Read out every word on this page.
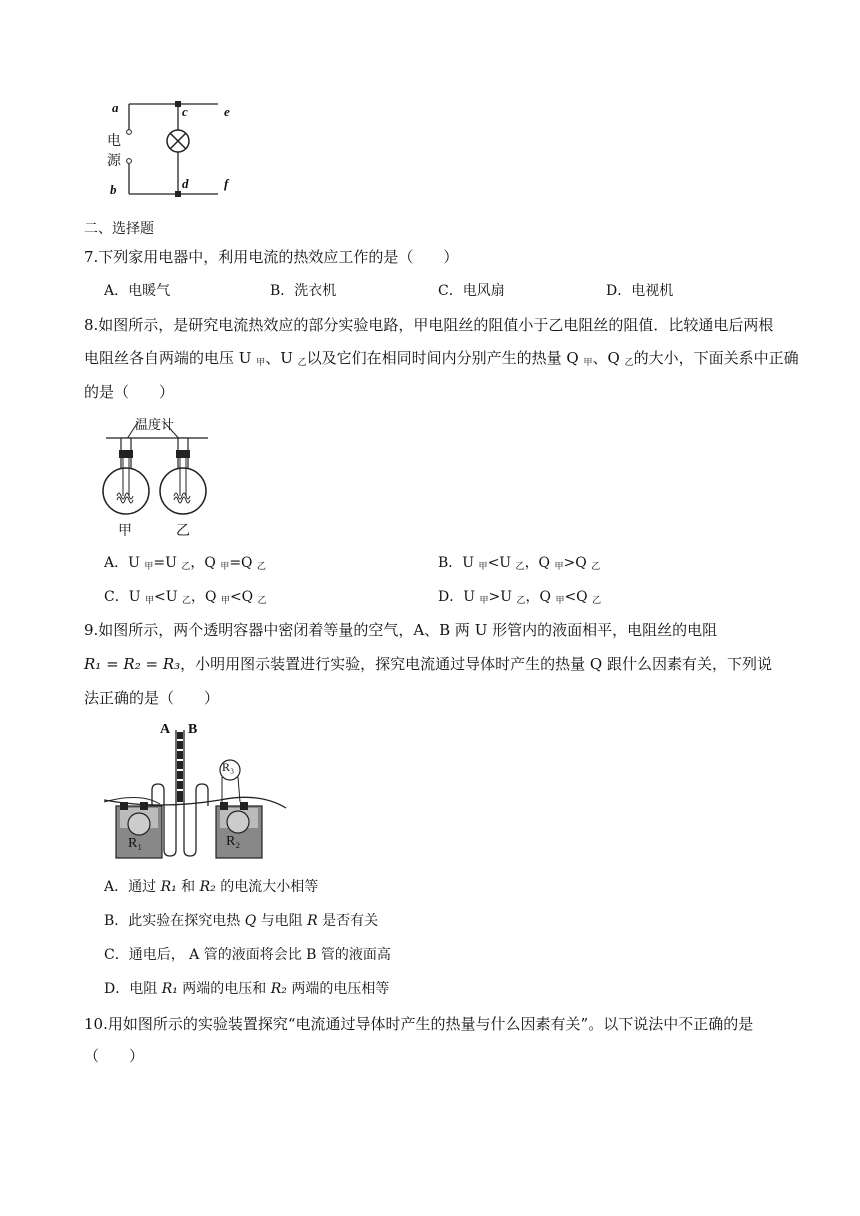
a	c	e
电
源
b	d	f
二、选择题
7.下列家用电器中，利用电流的热效应工作的是（　　）
A．电暖气	B．洗衣机	C．电风扇	D．电视机
8.如图所示，是研究电流热效应的部分实验电路，甲电阻丝的阻值小于乙电阻丝的阻值．比较通电后两根
电阻丝各自两端的电压 U $_甲$、U $_乙$以及它们在相同时间内分别产生的热量 Q $_甲$、Q $_乙$的大小，下面关系中正确
的是（　　）
温度计
甲	乙
A．U $_甲$=U $_乙$，Q $_甲$=Q $_乙$	B．U $_甲$<U $_乙$，Q $_甲$>Q $_乙$
C．U $_甲$<U $_乙$，Q $_甲$<Q $_乙$	D．U $_甲$>U $_乙$，Q $_甲$<Q $_乙$
9.如图所示，两个透明容器中密闭着等量的空气，A、B 两 U 形管内的液面相平，电阻丝的电阻
R₁ = R₂ = R₃，小明用图示装置进行实验，探究电流通过导体时产生的热量 Q 跟什么因素有关，下列说
法正确的是（　　）
A B
R₃
R₁	R₂
A．通过 R₁ 和 R₂ 的电流大小相等
B．此实验在探究电热 Q 与电阻 R 是否有关
C．通电后， A 管的液面将会比 B 管的液面高
D．电阻 R₁ 两端的电压和 R₂ 两端的电压相等
10.用如图所示的实验装置探究“电流通过导体时产生的热量与什么因素有关”。以下说法中不正确的是
（　　）
